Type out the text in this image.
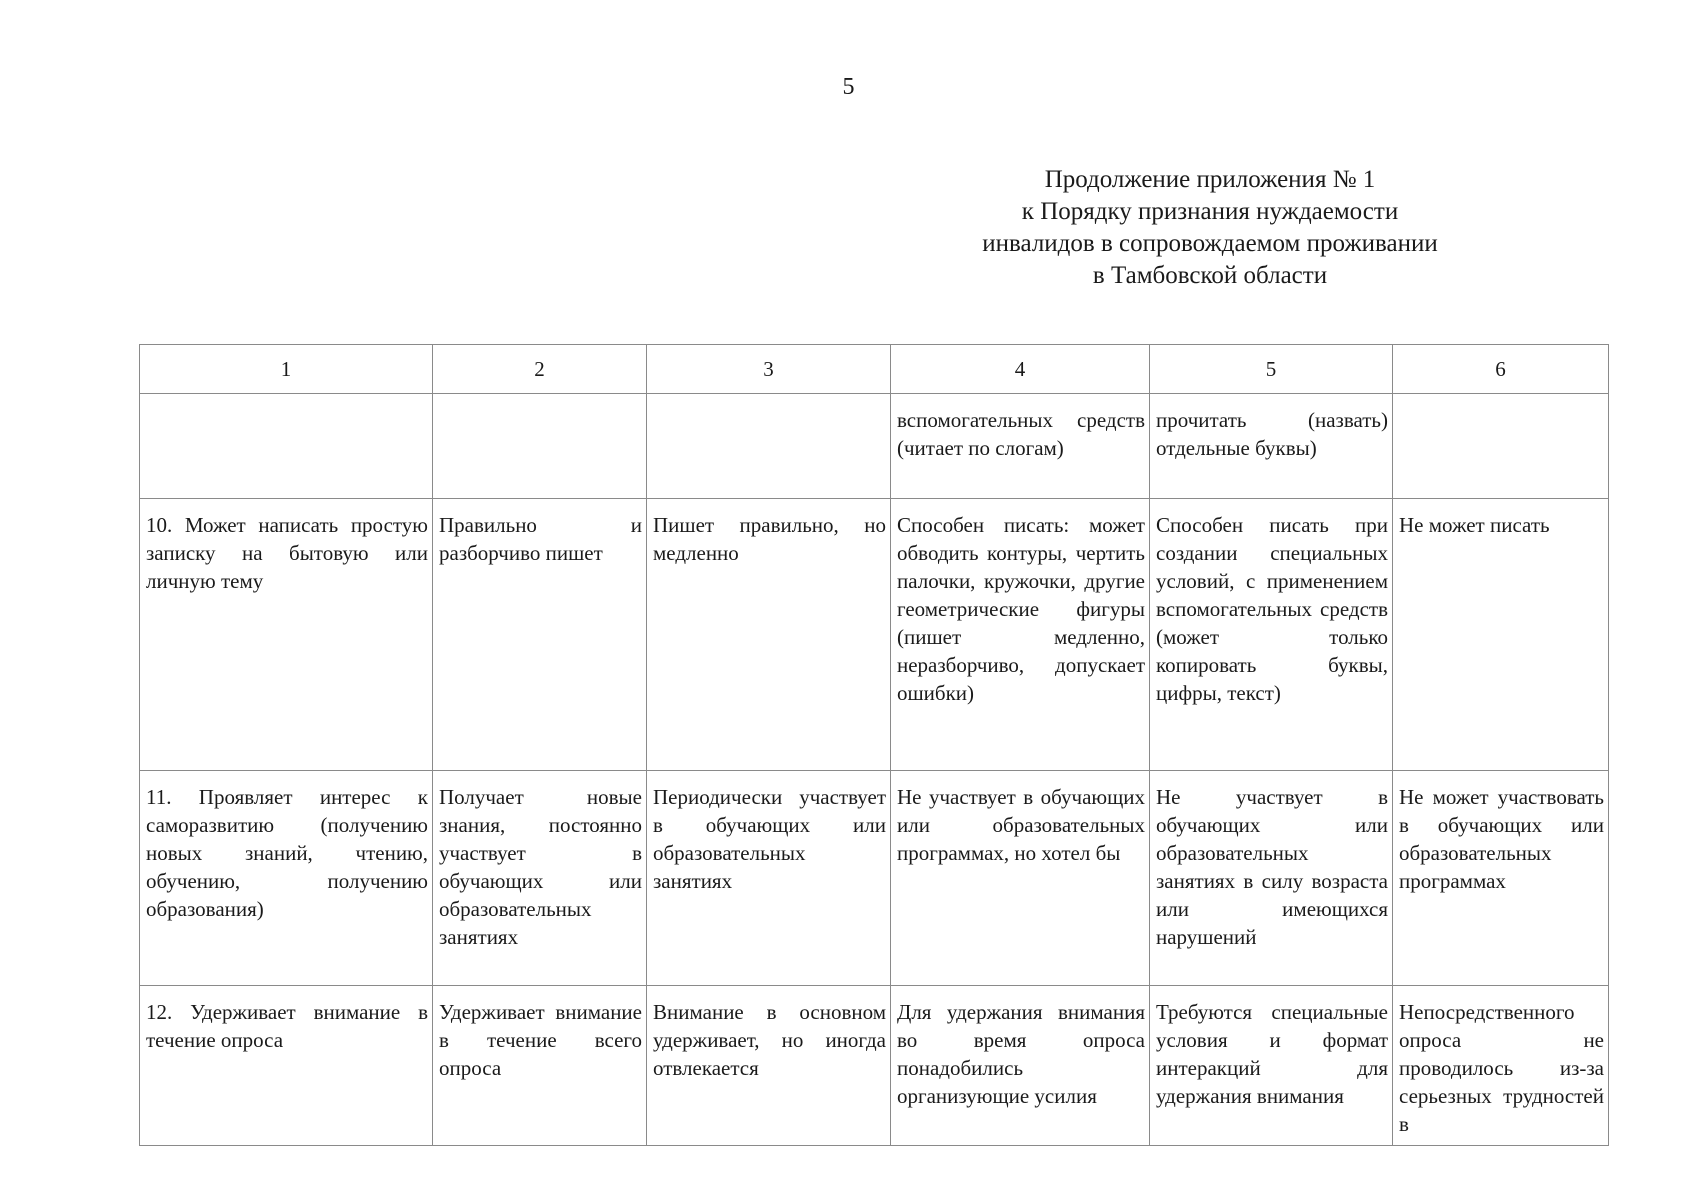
5
Продолжение приложения № 1
к Порядку признания нуждаемости
инвалидов в сопровождаемом проживании
в Тамбовской области
1	2	3	4	5	6
			вспомогательных средств (читает по слогам)	прочитать (назвать) отдельные буквы)	
10. Может написать простую записку на бытовую или личную тему	Правильно и разборчиво пишет	Пишет правильно, но медленно	Способен писать: может обводить контуры, чертить палочки, кружочки, другие геометрические фигуры (пишет медленно, неразборчиво, допускает ошибки)	Способен писать при создании специальных условий, с применением вспомогательных средств (может только копировать буквы, цифры, текст)	Не может писать
11. Проявляет интерес к саморазвитию (получению новых знаний, чтению, обучению, получению образования)	Получает новые знания, постоянно участвует в обучающих или образовательных занятиях	Периодически участвует в обучающих или образовательных занятиях	Не участвует в обучающих или образовательных программах, но хотел бы	Не участвует в обучающих или образовательных занятиях в силу возраста или имеющихся нарушений	Не может участвовать в обучающих или образовательных программах
12. Удерживает внимание в течение опроса	Удерживает внимание в течение всего опроса	Внимание в основном удерживает, но иногда отвлекается	Для удержания внимания во время опроса понадобились организующие усилия	Требуются специальные условия и формат интеракций для удержания внимания	Непосредственного опроса не проводилось из-за серьезных трудностей в
